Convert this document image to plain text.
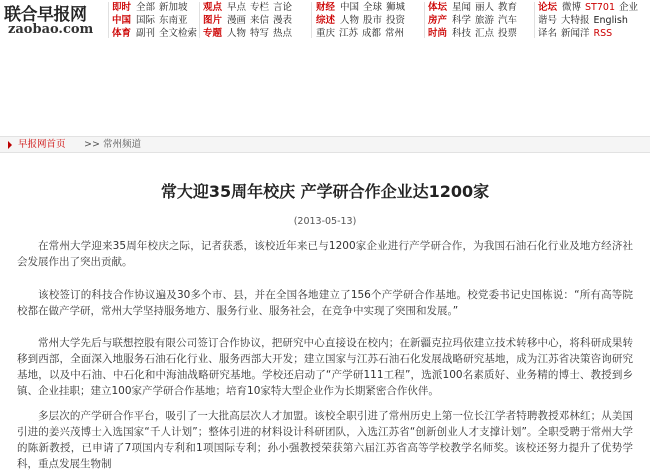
联合早报网
zaobao.com
即时 全部 新加坡
中国 国际 东南亚
体育 副刊 全文检索
观点 早点 专栏 言论
图片 漫画 来信 漫表
专题 人物 特写 热点
财经 中国 全球 狮城
综述 人物 股市 投资
重庆 江苏 成都 常州
体坛 星闻 丽人 教育
房产 科学 旅游 汽车
时尚 科技 汇点 投票
论坛 微博 ST701 企业
谐号 大特报 English
译名 新闻洋 RSS
早报网首页 >> 常州频道
常大迎35周年校庆 产学研合作企业达1200家
(2013-05-13)

在常州大学迎来35周年校庆之际，记者获悉，该校近年来已与1200家企业进行产学研合作，为我国石油石化行业及地方经济社会发展作出了突出贡献。

该校签订的科技合作协议遍及30多个市、县，并在全国各地建立了156个产学研合作基地。校党委书记史国栋说：“所有高等院校都在做产学研，常州大学坚持服务地方、服务行业、服务社会，在竞争中实现了突围和发展。”

常州大学先后与联想控股有限公司签订合作协议，把研究中心直接设在校内；在新疆克拉玛依建立技术转移中心，将科研成果转移到西部，全面深入地服务石油石化行业、服务西部大开发；建立国家与江苏石油石化发展战略研究基地，成为江苏省决策咨询研究基地，以及中石油、中石化和中海油战略研究基地。学校还启动了“产学研111工程”，选派100名素质好、业务精的博士、教授到乡镇、企业挂职；建立100家产学研合作基地；培育10家特大型企业作为长期紧密合作伙伴。

多层次的产学研合作平台，吸引了一大批高层次人才加盟。该校全职引进了常州历史上第一位长江学者特聘教授邓林红；从美国引进的姜兴茂博士入选国家“千人计划”；整体引进的材料设计科研团队，入选江苏省“创新创业人才支撑计划”。全职受聘于常州大学的陈新教授，已申请了7项国内专利和1项国际专利；孙小强教授荣获第六届江苏省高等学校教学名师奖。该校还努力提升了优势学科，重点发展生物制
